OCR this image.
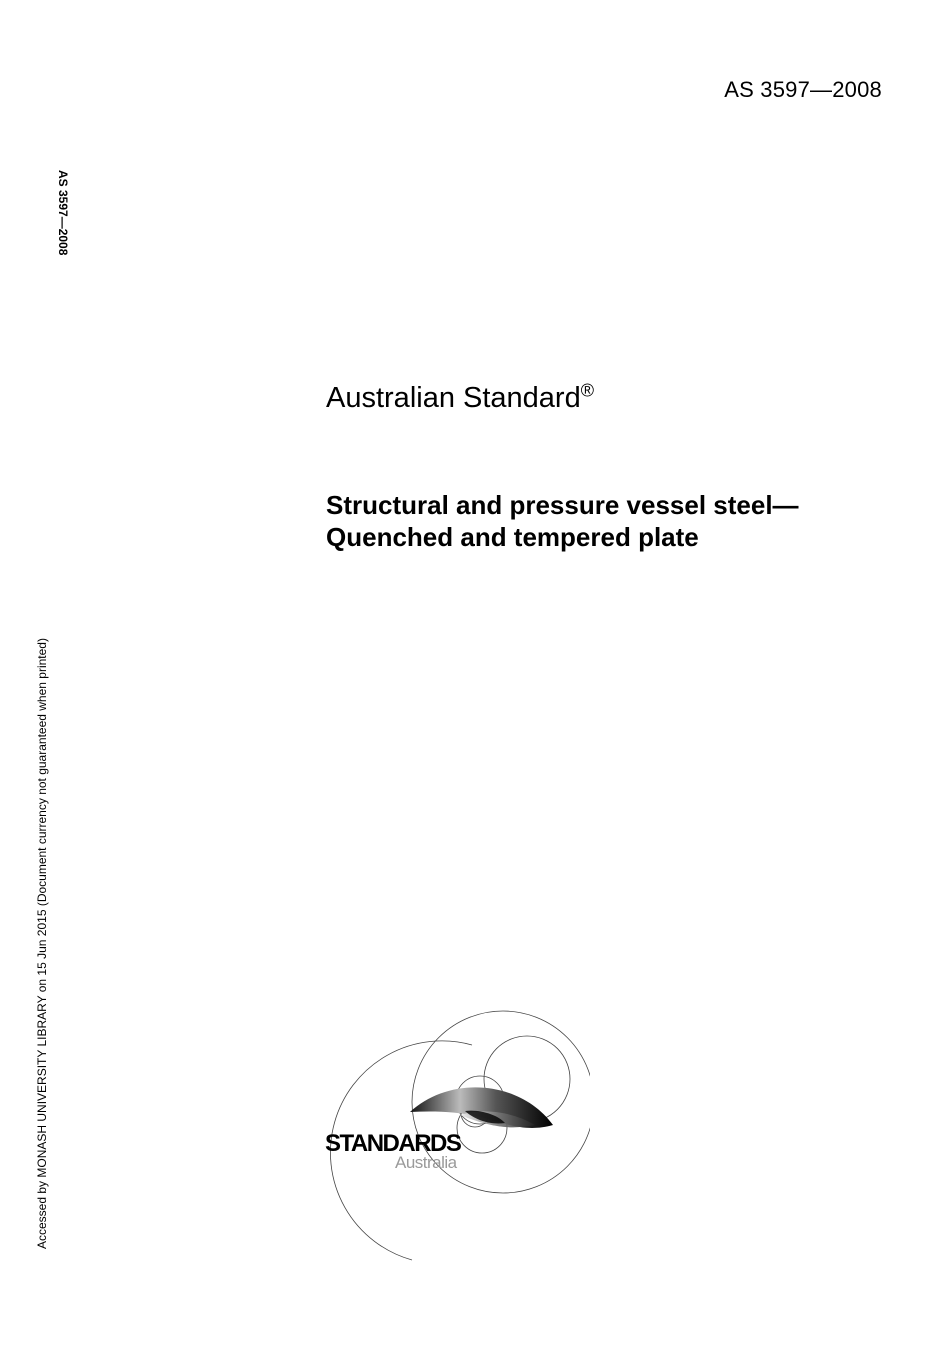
AS 3597—2008
AS 3597—2008
Accessed by MONASH UNIVERSITY LIBRARY on 15 Jun 2015 (Document currency not guaranteed when printed)
Australian Standard®
Structural and pressure vessel steel—
Quenched and tempered plate
STANDARDS
Australia
